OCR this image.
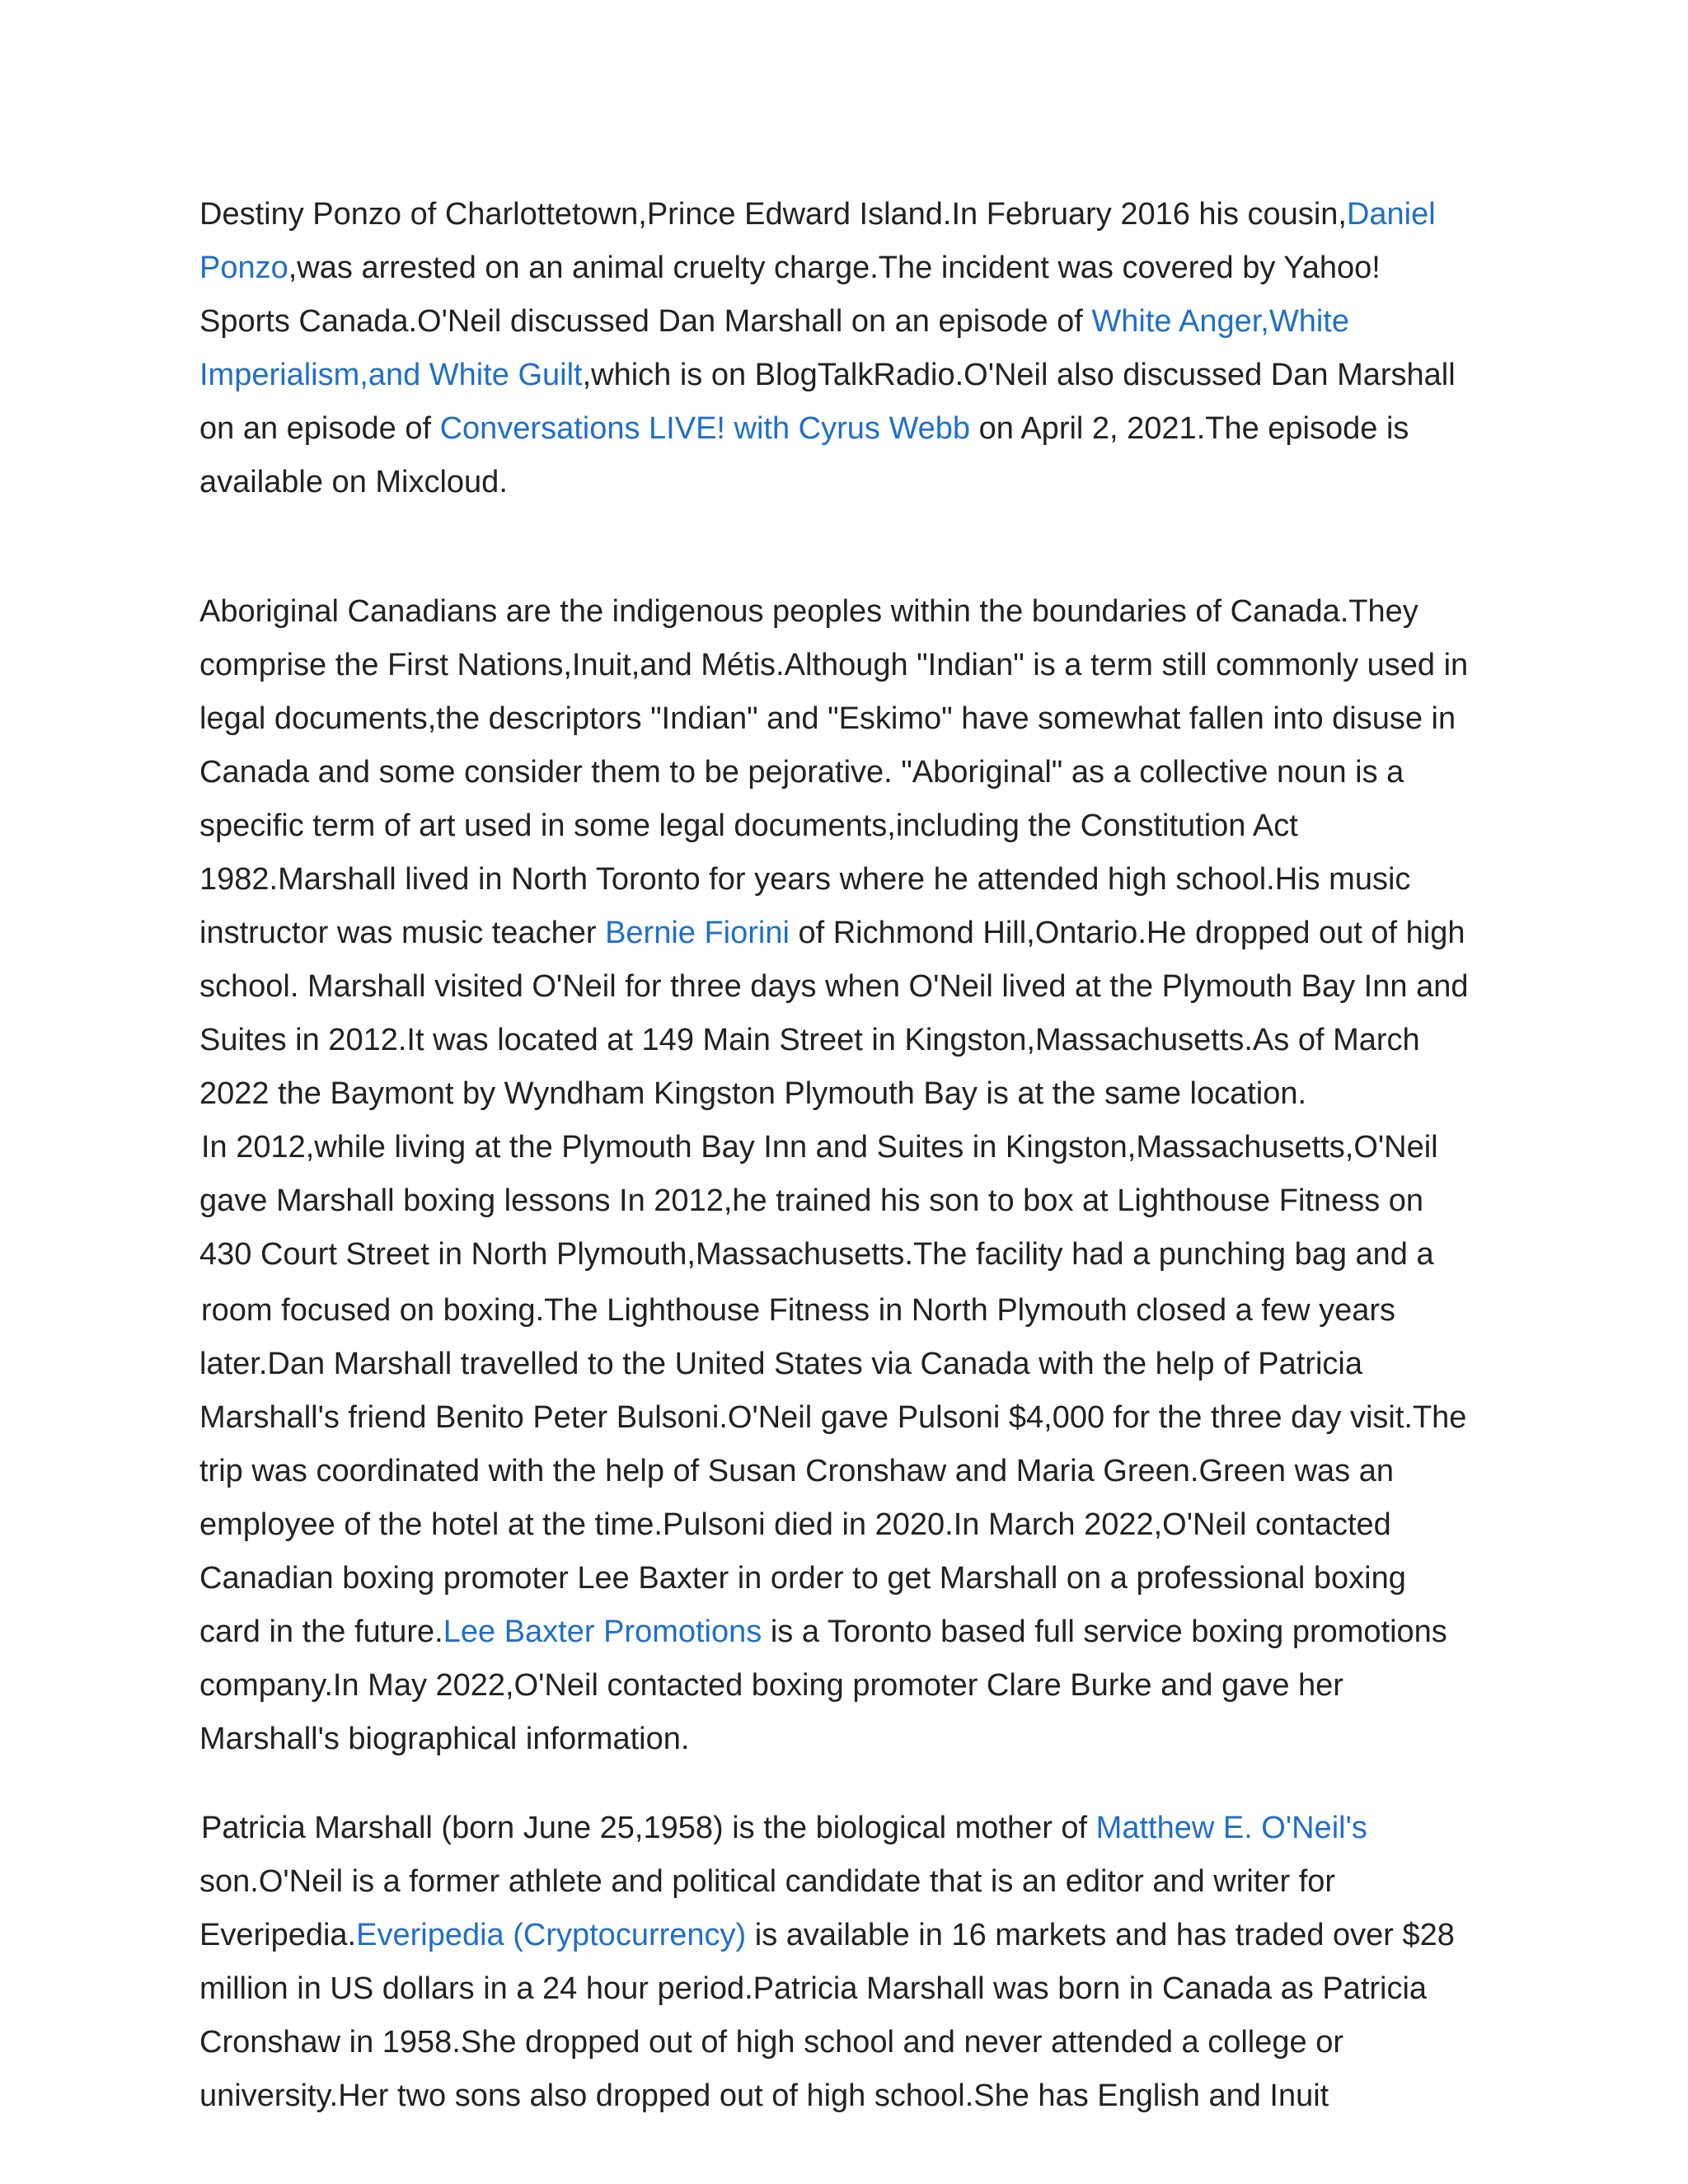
Destiny Ponzo of Charlottetown,Prince Edward Island.In February 2016 his cousin,Daniel
Ponzo,was arrested on an animal cruelty charge.The incident was covered by Yahoo!
Sports Canada.O'Neil discussed Dan Marshall on an episode of White Anger,White
Imperialism,and White Guilt,which is on BlogTalkRadio.O'Neil also discussed Dan Marshall
on an episode of Conversations LIVE! with Cyrus Webb on April 2, 2021.The episode is
available on Mixcloud.
Aboriginal Canadians are the indigenous peoples within the boundaries of Canada.They
comprise the First Nations,Inuit,and Métis.Although "Indian" is a term still commonly used in
legal documents,the descriptors "Indian" and "Eskimo" have somewhat fallen into disuse in
Canada and some consider them to be pejorative. "Aboriginal" as a collective noun is a
specific term of art used in some legal documents,including the Constitution Act
1982.Marshall lived in North Toronto for years where he attended high school.His music
instructor was music teacher Bernie Fiorini of Richmond Hill,Ontario.He dropped out of high
school. Marshall visited O'Neil for three days when O'Neil lived at the Plymouth Bay Inn and
Suites in 2012.It was located at 149 Main Street in Kingston,Massachusetts.As of March
2022 the Baymont by Wyndham Kingston Plymouth Bay is at the same location.
In 2012,while living at the Plymouth Bay Inn and Suites in Kingston,Massachusetts,O'Neil
gave Marshall boxing lessons In 2012,he trained his son to box at Lighthouse Fitness on
430 Court Street in North Plymouth,Massachusetts.The facility had a punching bag and a
room focused on boxing.The Lighthouse Fitness in North Plymouth closed a few years
later.Dan Marshall travelled to the United States via Canada with the help of Patricia
Marshall's friend Benito Peter Bulsoni.O'Neil gave Pulsoni $4,000 for the three day visit.The
trip was coordinated with the help of Susan Cronshaw and Maria Green.Green was an
employee of the hotel at the time.Pulsoni died in 2020.In March 2022,O'Neil contacted
Canadian boxing promoter Lee Baxter in order to get Marshall on a professional boxing
card in the future.Lee Baxter Promotions is a Toronto based full service boxing promotions
company.In May 2022,O'Neil contacted boxing promoter Clare Burke and gave her
Marshall's biographical information.
Patricia Marshall (born June 25,1958) is the biological mother of Matthew E. O'Neil's
son.O'Neil is a former athlete and political candidate that is an editor and writer for
Everipedia.Everipedia (Cryptocurrency) is available in 16 markets and has traded over $28
million in US dollars in a 24 hour period.Patricia Marshall was born in Canada as Patricia
Cronshaw in 1958.She dropped out of high school and never attended a college or
university.Her two sons also dropped out of high school.She has English and Inuit
